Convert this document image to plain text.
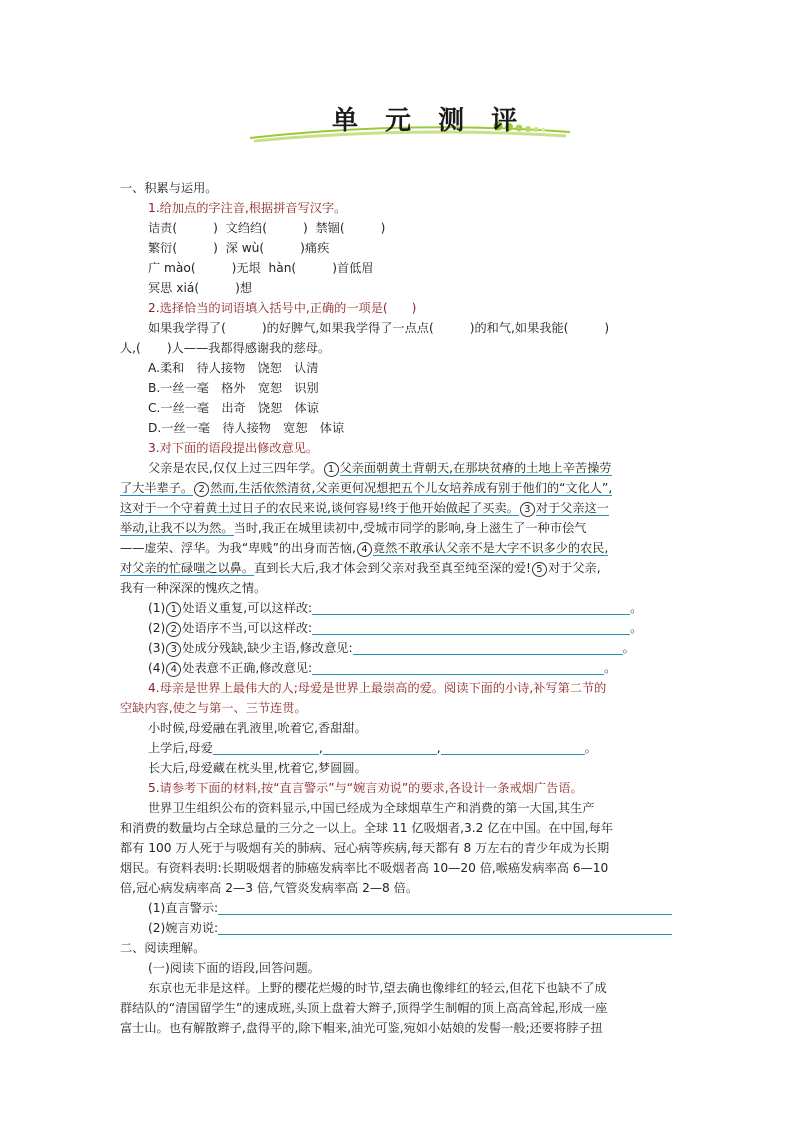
单 元 测 评
一、积累与运用。
1.给加点的字注音,根据拼音写汉字。
诘责(	) 文绉绉(	) 禁锢(	)
繁衍(	) 深 wù(	)痛疾
广 mào(	)无垠 hàn(	)首低眉
冥思 xiá(	)想
2.选择恰当的词语填入括号中,正确的一项是( )
如果我学得了(	)的好脾气,如果我学得了一点点(	)的和气,如果我能(	)
人,( )人——我都得感谢我的慈母。
A.柔和　待人接物　饶恕　认清
B.一丝一毫　格外　宽恕　识别
C.一丝一毫　出奇　饶恕　体谅
D.一丝一毫　待人接物　宽恕　体谅
3.对下面的语段提出修改意见。
父亲是农民,仅仅上过三四年学。 1 父亲面朝黄土背朝天,在那块贫瘠的土地上辛苦操劳
了大半辈子。 2 然而,生活依然清贫,父亲更何况想把五个儿女培养成有别于他们的“文化人”,
这对于一个守着黄土过日子的农民来说,谈何容易!终于他开始做起了买卖。 3 对于父亲这一
举动,让我不以为然。当时,我正在城里读初中,受城市同学的影响,身上滋生了一种市侩气
——虚荣、浮华。为我“卑贱”的出身而苦恼, 4 竟然不敢承认父亲不是大字不识多少的农民,
对父亲的忙碌嗤之以鼻。直到长大后,我才体会到父亲对我至真至纯至深的爱! 5 对于父亲,
我有一种深深的愧疚之情。
(1) 1 处语义重复,可以这样改:	。
(2) 2 处语序不当,可以这样改:	。
(3) 3 处成分残缺,缺少主语,修改意见:	。
(4) 4 处表意不正确,修改意见:	。
4.母亲是世界上最伟大的人;母爱是世界上最崇高的爱。阅读下面的小诗,补写第二节的
空缺内容,使之与第一、三节连贯。
小时候,母爱融在乳液里,吮着它,香甜甜。
上学后,母爱	,	,	。
长大后,母爱藏在枕头里,枕着它,梦圆圆。
5.请参考下面的材料,按“直言警示”与“婉言劝说”的要求,各设计一条戒烟广告语。
世界卫生组织公布的资料显示,中国已经成为全球烟草生产和消费的第一大国,其生产
和消费的数量均占全球总量的三分之一以上。全球 11 亿吸烟者,3.2 亿在中国。在中国,每年
都有 100 万人死于与吸烟有关的肺病、冠心病等疾病,每天都有 8 万左右的青少年成为长期
烟民。有资料表明:长期吸烟者的肺癌发病率比不吸烟者高 10—20 倍,喉癌发病率高 6—10
倍,冠心病发病率高 2—3 倍,气管炎发病率高 2—8 倍。
(1)直言警示:
(2)婉言劝说:
二、阅读理解。
(一)阅读下面的语段,回答问题。
东京也无非是这样。上野的樱花烂熳的时节,望去确也像绯红的轻云,但花下也缺不了成
群结队的“清国留学生”的速成班,头顶上盘着大辫子,顶得学生制帽的顶上高高耸起,形成一座
富士山。也有解散辫子,盘得平的,除下帽来,油光可鉴,宛如小姑娘的发髻一般;还要将脖子扭
